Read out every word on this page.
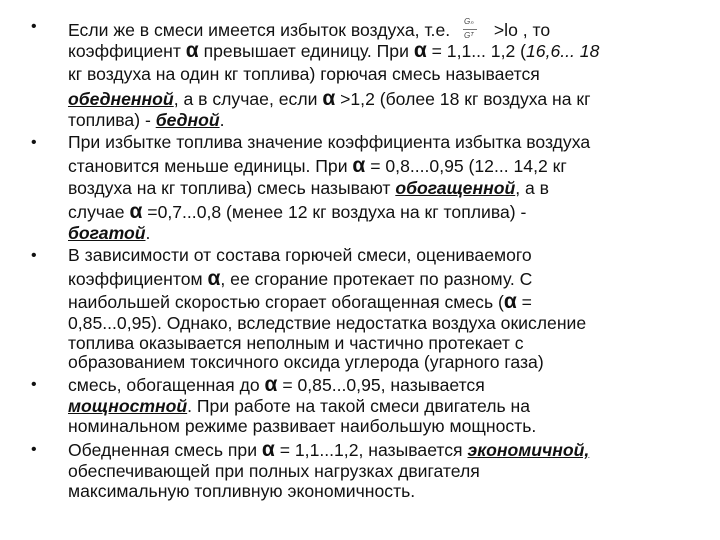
• Если же в смеси имеется избыток воздуха, т.е. $\frac{\text{Gₙ}}{\text{Gᵀ}} >lo$ , то
коэффициент α превышает единицу. При α = 1,1... 1,2 (16,6... 18
кг воздуха на один кг топлива) горючая смесь называется
обедненной, а в случае, если α >1,2 (более 18 кг воздуха на кг
топлива) - бедной.
• При избытке топлива значение коэффициента избытка воздуха
становится меньше единицы. При α = 0,8....0,95 (12... 14,2 кг
воздуха на кг топлива) смесь называют обогащенной, а в
случае α =0,7...0,8 (менее 12 кг воздуха на кг топлива) -
богатой.
• В зависимости от состава горючей смеси, оцениваемого
коэффициентом α, ее сгорание протекает по разному. С
наибольшей скоростью сгорает обогащенная смесь (α =
0,85...0,95). Однако, вследствие недостатка воздуха окисление
топлива оказывается неполным и частично протекает с
образованием токсичного оксида углерода (угарного газа)
• смесь, обогащенная до α = 0,85...0,95, называется
мощностной. При работе на такой смеси двигатель на
номинальном режиме развивает наибольшую мощность.
• Обедненная смесь при α = 1,1...1,2, называется экономичной,
обеспечивающей при полных нагрузках двигателя
максимальную топливную экономичность.
